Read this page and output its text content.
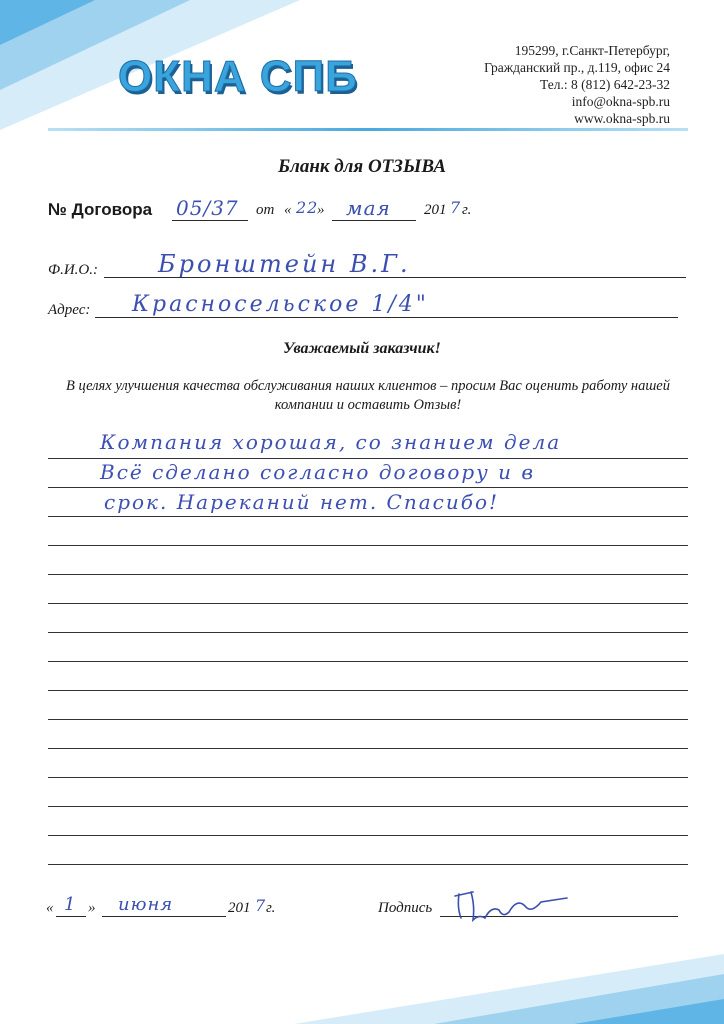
ОКНА СПБ
195299, г.Санкт-Петербург,
Гражданский пр., д.119, офис 24
Тел.: 8 (812) 642-23-32
info@okna-spb.ru
www.okna-spb.ru
Бланк для ОТЗЫВА
№ Договора 05/37 от « 22
» мая 201 7 г.
Ф.И.О.:	Бронштейн В.Г.
Адрес: Красносельское 1/4"
Уважаемый заказчик!
В целях улучшения качества обслуживания наших клиентов – просим Вас оценить работу нашей компании и оставить Отзыв!
Компания хорошая, со знанием дела
Всё сделано согласно договору и в
срок. Нареканий нет. Спасибо!
« 1 » июня	201 7 г.	Подпись
